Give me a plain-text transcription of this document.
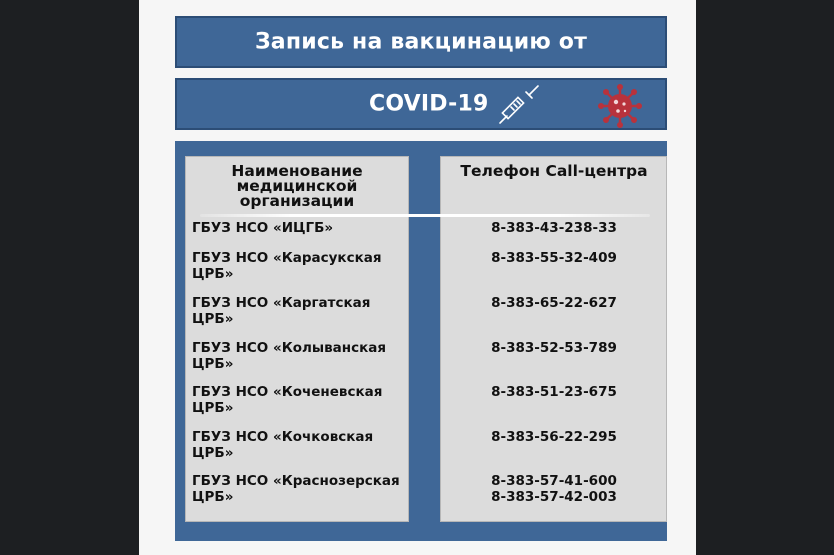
Запись на вакцинацию от
COVID-19
Наименование медицинской организации
Телефон Call-центра
ГБУЗ НСО «ИЦГБ»	8-383-43-238-33
ГБУЗ НСО «Карасукская ЦРБ»
8-383-55-32-409
ГБУЗ НСО «Каргатская ЦРБ»
8-383-65-22-627
ГБУЗ НСО «Колыванская ЦРБ»
8-383-52-53-789
ГБУЗ НСО «Коченевская ЦРБ»
8-383-51-23-675
ГБУЗ НСО «Кочковская ЦРБ»
8-383-56-22-295
ГБУЗ НСО «Краснозерская ЦРБ»
8-383-57-41-600
8-383-57-42-003
